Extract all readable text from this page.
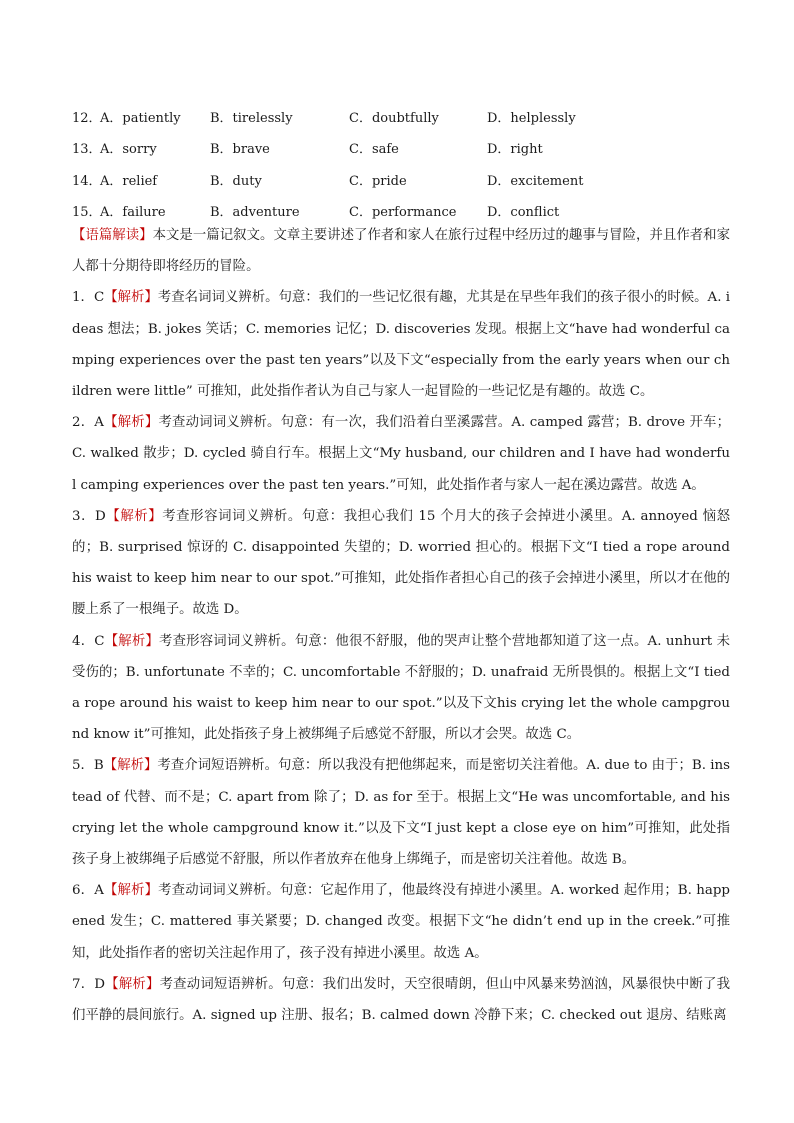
12．
A．patiently	B．tirelessly	C．doubtfully	D．helplessly
13．
A．sorry	B．brave	C．safe	D．right
14．
A．relief	B．duty	C．pride	D．excitement
15．
A．failure	B．adventure	C．performance	D．conflict

【语篇解读】本文是一篇记叙文。文章主要讲述了作者和家人在旅行过程中经历过的趣事与冒险，并且作者和家人都十分期待即将经历的冒险。

1．C【解析】考查名词词义辨析。句意：我们的一些记忆很有趣，尤其是在早些年我们的孩子很小的时候。A. ideas 想法；B. jokes 笑话；C. memories 记忆；D. discoveries 发现。根据上文“have had wonderful camping experiences over the past ten years”以及下文“especially from the early years when our children were little” 可推知，此处指作者认为自己与家人一起冒险的一些记忆是有趣的。故选 C。

2．A【解析】考查动词词义辨析。句意：有一次，我们沿着白垩溪露营。A. camped 露营；B. drove 开车；C. walked 散步；D. cycled 骑自行车。根据上文“My husband, our children and I have had wonderful camping experiences over the past ten years.”可知，此处指作者与家人一起在溪边露营。故选 A。

3．D【解析】考查形容词词义辨析。句意：我担心我们 15 个月大的孩子会掉进小溪里。A. annoyed 恼怒的；B. surprised 惊讶的 C. disappointed 失望的；D. worried 担心的。根据下文“I tied a rope around his waist to keep him near to our spot.”可推知，此处指作者担心自己的孩子会掉进小溪里，所以才在他的腰上系了一根绳子。故选 D。

4．C【解析】考查形容词词义辨析。句意：他很不舒服，他的哭声让整个营地都知道了这一点。A. unhurt 未受伤的；B. unfortunate 不幸的；C. uncomfortable 不舒服的；D. unafraid 无所畏惧的。根据上文“I tied a rope around his waist to keep him near to our spot.”以及下文his crying let the whole campground know it”可推知，此处指孩子身上被绑绳子后感觉不舒服，所以才会哭。故选 C。

5．B【解析】考查介词短语辨析。句意：所以我没有把他绑起来，而是密切关注着他。A. due to 由于；B. instead of 代替、而不是；C. apart from 除了；D. as for 至于。根据上文“He was uncomfortable, and his crying let the whole campground know it.”以及下文“I just kept a close eye on him”可推知，此处指孩子身上被绑绳子后感觉不舒服，所以作者放弃在他身上绑绳子，而是密切关注着他。故选 B。

6．A【解析】考查动词词义辨析。句意：它起作用了，他最终没有掉进小溪里。A. worked 起作用；B. happened 发生；C. mattered 事关紧要；D. changed 改变。根据下文“he didn’t end up in the creek.”可推知，此处指作者的密切关注起作用了，孩子没有掉进小溪里。故选 A。

7．D【解析】考查动词短语辨析。句意：我们出发时，天空很晴朗，但山中风暴来势汹汹，风暴很快中断了我们平静的晨间旅行。A. signed up 注册、报名；B. calmed down 冷静下来；C. checked out 退房、结账离
